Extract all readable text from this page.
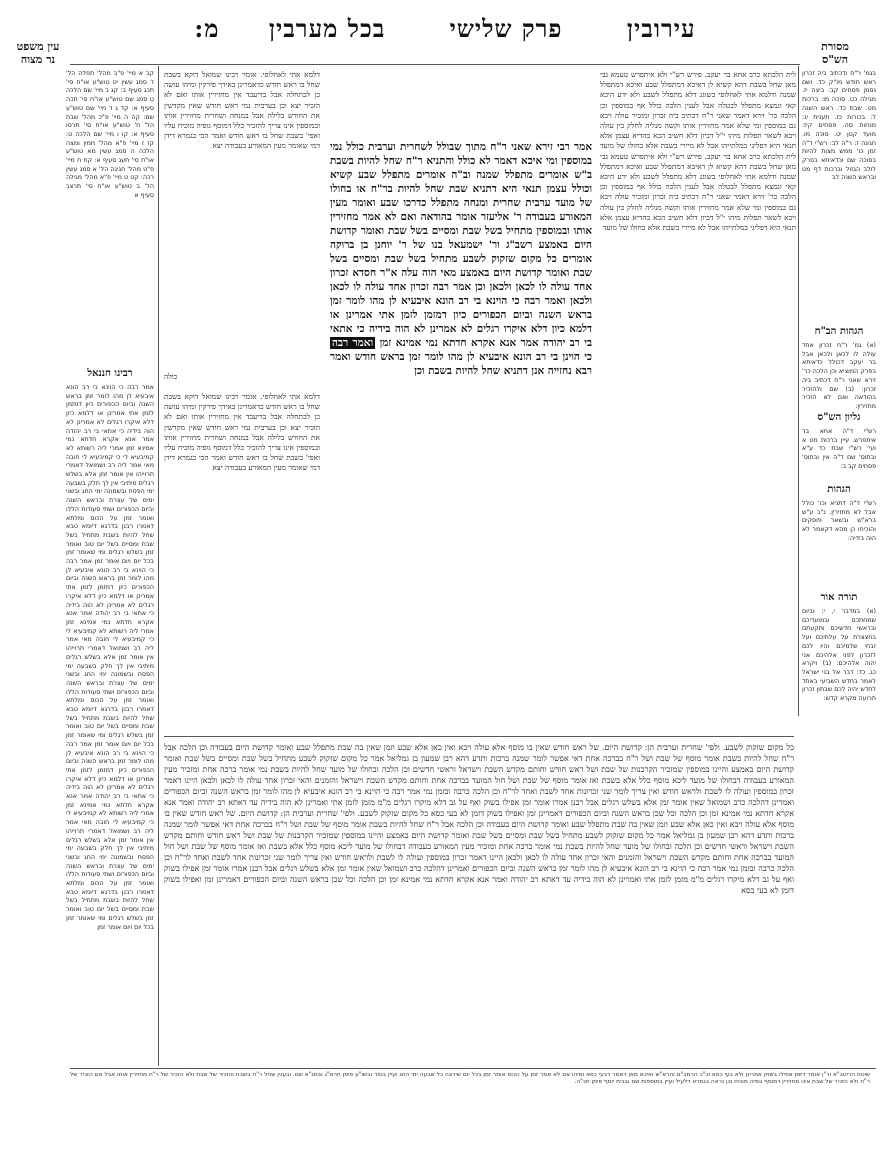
עין משפט
נר מצוה
מסורת
הש"ס
עירובין פרק שלישי בכל מערבין מ:
קב א מיי' פ"ב מהל' תפלה הל' ז' סמג עשין יט טוש"ע או"ח סי' תכג סעיף ב: קג ב מיי' שם הלכה ט סמג שם טוש"ע או"ח סי' תכה סעיף א: קד ג ד מיי' שם טוש"ע שם: קה ה מיי' פ"כ מהל' שבת הל' ח' טוש"ע או"ח סי' תרסו סעיף א: קו ו מיי' שם הלכה ט: קז ז מיי' פ"א מהל' חמץ ומצה הלכה ה סמג עשין מא טוש"ע או"ח סי' תעג סעיף א: קח ח מיי' פ"ט מהל' חגיגה הל' א סמג עשין רכה: קט ט מיי' פ"א מהל' מגילה הל' ב טוש"ע או"ח סי' תרצב סעיף א
רבינו חננאל
אמר רבה כי הוינא בי רב הונא איבעיא לן מהו לומר זמן בראש השנה וביום הכפורים כיון דמזמן לזמן אתי אמרינן או דלמא כיון דלא איקרו רגלים לא אמרינן לא הוה בידיה כי אתאי בי רב יהודה אמר אנא אקרא חדתא נמי אמינא זמן אמרי ליה רשותא לא קמיבעיא לי כי קמיבעיא לי חובה מאי אמר ליה רב ושמואל דאמרי תרוייהו אין אומר זמן אלא בשלש רגלים מיתיבי אין לך חלק בשבעה ימי הפסח ובשמונה ימי החג ובשני ימים של עצרת ובראש השנה וביום הכפורים ושתי סעודות הללו ואומר זמן על הכוס ומלתא דאמרו רבנן בדרגא דיומא טבא שחל להיות בשבת מתחיל בשל שבת ומסיים בשל יום טוב ואומר זמן בשלש רגלים ומי שאומר זמן בכל יום ויום אומר זמן אמר רבה כי הוינא בי רב הונא איבעיא לן מהו לומר זמן בראש השנה וביום הכפורים כיון דמזמן לזמן אתי אמרינן או דלמא כיון דלא איקרו רגלים לא אמרינן לא הוה בידיה כי אתאי בי רב יהודה אמר אנא אקרא חדתא נמי אמינא זמן אמרי ליה רשותא לא קמיבעיא לי כי קמיבעיא לי חובה מאי אמר ליה רב ושמואל דאמרי תרוייהו אין אומר זמן אלא בשלש רגלים מיתיבי אין לך חלק בשבעה ימי הפסח ובשמונה ימי החג ובשני ימים של עצרת ובראש השנה וביום הכפורים ושתי סעודות הללו ואומר זמן על הכוס ומלתא דאמרו רבנן בדרגא דיומא טבא שחל להיות בשבת מתחיל בשל שבת ומסיים בשל יום טוב ואומר זמן בשלש רגלים ומי שאומר זמן בכל יום ויום אומר זמן אמר רבה כי הוינא בי רב הונא איבעיא לן מהו לומר זמן בראש השנה וביום הכפורים כיון דמזמן לזמן אתי אמרינן או דלמא כיון דלא איקרו רגלים לא אמרינן לא הוה בידיה כי אתאי בי רב יהודה אמר אנא אקרא חדתא נמי אמינא זמן אמרי ליה רשותא לא קמיבעיא לי כי קמיבעיא לי חובה מאי אמר ליה רב ושמואל דאמרי תרוייהו אין אומר זמן אלא בשלש רגלים מיתיבי אין לך חלק בשבעה ימי הפסח ובשמונה ימי החג ובשני ימים של עצרת ובראש השנה וביום הכפורים ושתי סעודות הללו ואומר זמן על הכוס ומלתא דאמרו רבנן בדרגא דיומא טבא שחל להיות בשבת מתחיל בשל שבת ומסיים בשל יום טוב ואומר זמן בשלש רגלים ומי שאומר זמן בכל יום ויום אומר זמן
דלמא אתי לאחלופי. אומר רבינו שמואל דוקא בשבת שחל בו ראש חודש כדאמרינן באידך פירקין ומיהו עושה כן לכתחלה אבל בדיעבד אין מחזירין אותו ואם לא הזכיר יצא וכן בערבית נמי ראש חודש שאין מקדשין את החודש בלילה אבל במנחה ושחרית מחזירין אותו ובמוספין אינו צריך להזכיר כלל דמוסף גופיה מוכיח עליו ואפי' בשבת שחל בו ראש חודש ואמר הכי בגמרא דידן דמי שאומר מעין המאורע בעבודה יצא
כולה
לית הלכתא כרב אחא בר יעקב. פירש רש"י ולא איתפרש טעמא גבי מאן שחל בשבת דהא קשיא לן דאיכא דמתפלל שבע ואיכא דמתפלל שמנה ודלמא אתי לאחלופי בשוגג דלא מתפלל לשבע ולא ידע היכא קאי ונמצא מתפלל לבטלה אבל לענין הלכה כולל אף במוספין וכן הלכה כר' זירא דאמר שאני ר"ח דכתיב ביה זכרון ומזכיר עולה ויבא גם במוספין ומי שלא אמר מחזירין אותו וקשה מנליה לחלק בין עולה ויבא לשאר תפלות מיהו י"ל דכיון דלא חשיב הכא בהדיא עצמן אלא תנאי היא דפליגי במלתייהו אבל לא מיירי בשבת אלא בחולו של מועד לית הלכתא כרב אחא בר יעקב. פירש רש"י ולא איתפרש טעמא גבי מאן שחל בשבת דהא קשיא לן דאיכא דמתפלל שבע ואיכא דמתפלל שמנה ודלמא אתי לאחלופי בשוגג דלא מתפלל לשבע ולא ידע היכא קאי ונמצא מתפלל לבטלה אבל לענין הלכה כולל אף במוספין וכן הלכה כר' זירא דאמר שאני ר"ח דכתיב ביה זכרון ומזכיר עולה ויבא גם במוספין ומי שלא אמר מחזירין אותו וקשה מנליה לחלק בין עולה ויבא לשאר תפלות מיהו י"ל דכיון דלא חשיב הכא בהדיא עצמן אלא תנאי היא דפליגי במלתייהו אבל לא מיירי בשבת אלא בחולו של מועד
אמר רבי זירא שאני ר"ח מתוך שבולל לשחרית וערבית כולל נמי במוספין ומי איכא דאמר לא כולל והתניא ר"ח שחל להיות בשבת ב"ש אומרים מתפלל שמנה וב"ה אומרים מתפלל שבע קשיא וכולל עצמן תנאי היא דתניא שבת שחל להיות בר"ח או בחולו של מועד ערבית שחרית ומנחה מתפלל כדרכו שבע ואומר מעין המאורע בעבודה ר' אליעזר אומר בהודאה ואם לא אמר מחזירין אותו ובמוספין מתחיל בשל שבת ומסיים בשל שבת ואומר קדושת היום באמצע רשב"ג ור' ישמעאל בנו של ר' יוחנן בן ברוקה אומרים כל מקום שזקוק לשבע מתחיל בשל שבת ומסיים בשל שבת ואומר קדושת היום באמצע מאי הוה עלה א"ר חסדא זכרון אחד עולה לו לכאן ולכאן וכן אמר רבה זכרון אחד עולה לו לכאן ולכאן ואמר רבה כי הוינא בי רב הונא איבעיא לן מהו לומר זמן בראש השנה וביום הכפורים כיון דמזמן לזמן אתי אמרינן או דלמא כיון דלא איקרו רגלים לא אמרינן לא הוה בידיה כי אתאי בי רב יהודה אמר אנא אקרא חדתא נמי אמינא זמן ואמר רבה כי הוינן בי רב הונא איבעיא לן מהו לומר זמן בראש חודש ואמר רבא נחזייה אנן דתניא שחל להיות בשבת וכן
דלמא אתי לאחלופי. אומר רבינו שמואל דוקא בשבת שחל בו ראש חודש כדאמרינן באידך פירקין ומיהו עושה כן לכתחלה אבל בדיעבד אין מחזירין אותו ואם לא הזכיר יצא וכן בערבית נמי ראש חודש שאין מקדשין את החודש בלילה אבל במנחה ושחרית מחזירין אותו ובמוספין אינו צריך להזכיר כלל דמוסף גופיה מוכיח עליו ואפי' בשבת שחל בו ראש חודש ואמר הכי בגמרא דידן דמי שאומר מעין המאורע בעבודה יצא
בגמ' ר"ח ודכתיב ביה זכרון ראש חודש מו"ק כד. ושם נסמן פסחים קב: ביצה יז. מגילה כט. סוכה מו: ברכות מט. שבת כד. ראש השנה ל: בכורות כז. תענית יג: מנחות סה. פסחים קיז: מועד קטן יט. סוכה מו. חגיגה ז: ר"ה לב: רש"י ד"ה זמן כו' ממש מצות להיות בסוכה שם וכדאיתא בפרק לולב הגזול וברכות דף מט ובראש השנה לב
הגהות הב"ח
(א) גמ' ר"ח זכרון אחד עולה לו לכאן ולכאן אבל בר יעקב דכולל כדאיתא בפרק המוציא וכן הלכה כר' זירא שאני ר"ח דכתיב ביה זכרון: (ב) שם ולהזכיר בהודאה ואם לא הזכיר מחזירין:
גליון הש"ס
רש"י ד"ה אחא בר איתפרש. עיין ברכות מט א ועי' רש"י שבת כד ע"א ובתוס' שם ד"ה אין ובתוס' פסחים קב ב:
הגהות
רש"י ד"ה דתניא וכו' כולל אבל לא מחזירין. נ"ב ע"ש ברא"ש ובשאר פוסקים והוכיחו כן מהא דקאמר לא הוה בידיה:
תורה אור
(א) במדבר י, י: וביום שמחתכם ובמועדיכם ובראשי חדשיכם ותקעתם בחצצרת על עלתיכם ועל זבחי שלמיכם והיו לכם לזכרון לפני אלהיכם אני יהוה אלהיכם: (ב) ויקרא כג, כד: דבר אל בני ישראל לאמר בחדש השביעי באחד לחדש יהיה לכם שבתון זכרון תרועה מקרא קדש:
כל מקום שזקוק לשבע. ולפי' שחרית וערבית הן: קדושת היום. של ראש חודש שאין בו מוסף אלא עולה ויבא ואין כאן אלא שבע וזמן שאין בה שבת מתפלל שבע ואומר קדושת היום בעבודה וכן הלכה אבל ר"ח שחל להיות בשבת אומר מוסף של שבת ושל ר"ח בברכה אחת דאי אפשר לומר שמנה ברכות ותדע דהא רבן שמעון בן גמליאל אמר כל מקום שזקוק לשבע מתחיל בשל שבת ומסיים בשל שבת ואומר קדושת היום באמצע והיינו במוספין שמזכיר הקרבנות של שבת ושל ראש חודש וחותם מקדש השבת וישראל וראשי חדשים וכן הלכה ובחולו של מועד שחל להיות בשבת נמי אומר ברכה אחת ומזכיר מעין המאורע בעבודה דבחולו של מועד ליכא מוסף כלל אלא בשבת ואז אומר מוסף של שבת ושל חול המועד בברכה אחת וחותם מקדש השבת וישראל והזמנים והאי זכרון אחד עולה לו לכאן ולכאן היינו דאמר זכרון במוספין ועולה לו לשבת ולראש חודש ואין צריך לומר שני זכרונות אחד לשבת ואחד לר"ח וכן הלכה כרבה ובזמן נמי אמר רבה כי הוינא בי רב הונא איבעיא לן מהו לומר זמן בראש השנה וביום הכפורים ואמרינן דהלכה כרב ושמואל שאין אומר זמן אלא בשלש רגלים אבל רבנן אמרו אומר זמן אפילו בשוק ואף על גב דלא מיקרו רגלים מ"מ מזמן לזמן אתי ואמרינן לא הוה בידיה עד דאתא רב יהודה ואמר אנא אקרא חדתא נמי אמינא זמן וכן הלכה וכל שכן בראש השנה וביום הכפורים דאמרינן זמן ואפילו בשוק דזמן לא בעי כסא כל מקום שזקוק לשבע. ולפי' שחרית וערבית הן: קדושת היום. של ראש חודש שאין בו מוסף אלא עולה ויבא ואין כאן אלא שבע וזמן שאין בה שבת מתפלל שבע ואומר קדושת היום בעבודה וכן הלכה אבל ר"ח שחל להיות בשבת אומר מוסף של שבת ושל ר"ח בברכה אחת דאי אפשר לומר שמנה ברכות ותדע דהא רבן שמעון בן גמליאל אמר כל מקום שזקוק לשבע מתחיל בשל שבת ומסיים בשל שבת ואומר קדושת היום באמצע והיינו במוספין שמזכיר הקרבנות של שבת ושל ראש חודש וחותם מקדש השבת וישראל וראשי חדשים וכן הלכה ובחולו של מועד שחל להיות בשבת נמי אומר ברכה אחת ומזכיר מעין המאורע בעבודה דבחולו של מועד ליכא מוסף כלל אלא בשבת ואז אומר מוסף של שבת ושל חול המועד בברכה אחת וחותם מקדש השבת וישראל והזמנים והאי זכרון אחד עולה לו לכאן ולכאן היינו דאמר זכרון במוספין ועולה לו לשבת ולראש חודש ואין צריך לומר שני זכרונות אחד לשבת ואחד לר"ח וכן הלכה כרבה ובזמן נמי אמר רבה כי הוינא בי רב הונא איבעיא לן מהו לומר זמן בראש השנה וביום הכפורים ואמרינן דהלכה כרב ושמואל שאין אומר זמן אלא בשלש רגלים אבל רבנן אמרו אומר זמן אפילו בשוק ואף על גב דלא מיקרו רגלים מ"מ מזמן לזמן אתי ואמרינן לא הוה בידיה עד דאתא רב יהודה ואמר אנא אקרא חדתא נמי אמינא זמן וכן הלכה וכל שכן בראש השנה וביום הכפורים דאמרינן זמן ואפילו בשוק דזמן לא בעי כסא
שיטת הריטב"א ור"ן אומר דזמן אפילו בשוק אמרינן ולא בעי כסא וכ"כ הרמב"ם והרא"ש ואיכא מאן דאמר דבעי כסא ומיהו אם לא אמר זמן על הכוס אומר זמן בכל יום שירצה כל שבעה ימי החג ועיין בטור ובשו"ע סימן תרמ"ג ובמג"א שם. ובענין שחל ר"ח בשבת והזכיר של שבת ולא הזכיר של ר"ח מחזירין אותו אבל אם הזכיר של ר"ח ולא הזכיר של שבת אינו מחזירין דמוסף גופיה מוכיח וכן נראה בגמרא דלעיל ועיין בתוספות שם ובבית יוסף סימן תכ"ה.
